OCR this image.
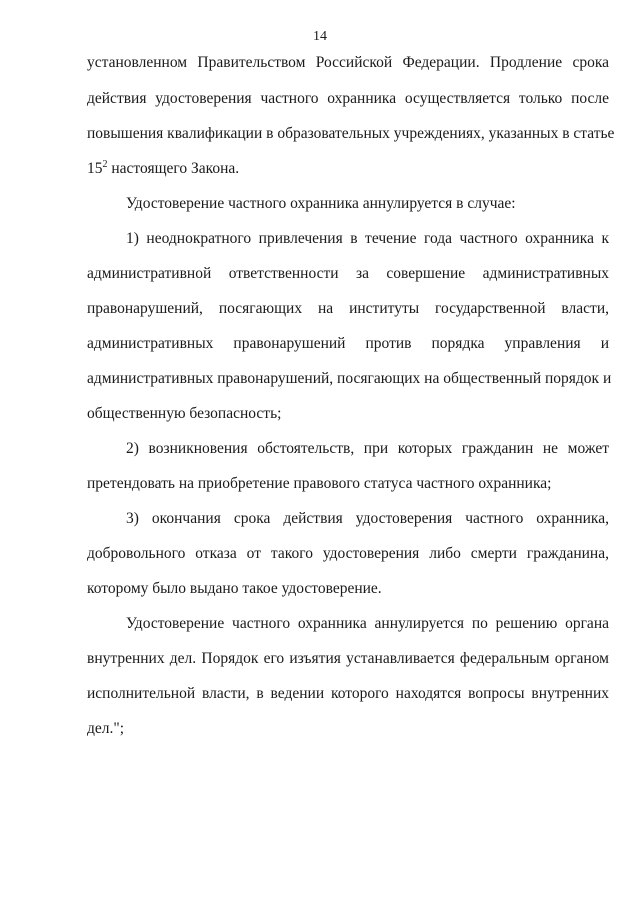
14
установленном Правительством Российской Федерации. Продление срока
действия удостоверения частного охранника осуществляется только после
повышения квалификации в образовательных учреждениях, указанных в статье
$15^2$ настоящего Закона.
Удостоверение частного охранника аннулируется в случае:
1) неоднократного привлечения в течение года частного охранника к
административной ответственности за совершение административных
правонарушений, посягающих на институты государственной власти,
административных правонарушений против порядка управления и
административных правонарушений, посягающих на общественный порядок и
общественную безопасность;
2) возникновения обстоятельств, при которых гражданин не может
претендовать на приобретение правового статуса частного охранника;
3) окончания срока действия удостоверения частного охранника,
добровольного отказа от такого удостоверения либо смерти гражданина,
которому было выдано такое удостоверение.
Удостоверение частного охранника аннулируется по решению органа
внутренних дел. Порядок его изъятия устанавливается федеральным органом
исполнительной власти, в ведении которого находятся вопросы внутренних
дел.";
